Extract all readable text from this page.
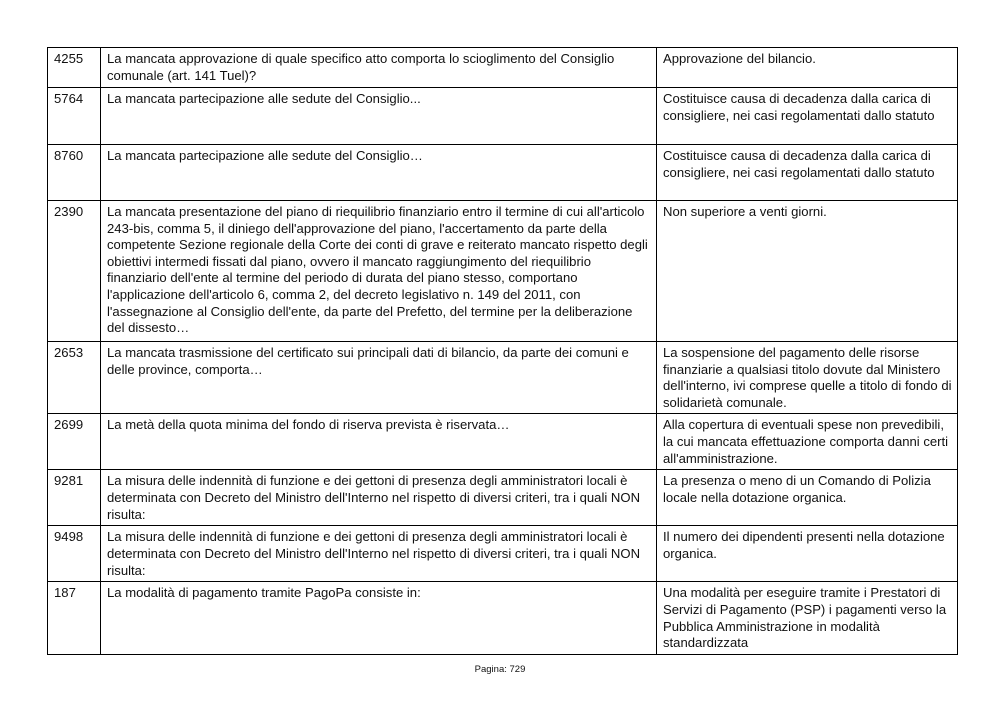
4255	La mancata approvazione di quale specifico atto comporta lo scioglimento del Consiglio comunale (art. 141 Tuel)?	Approvazione del bilancio.
5764	La mancata partecipazione alle sedute del Consiglio...	Costituisce causa di decadenza dalla carica di consigliere, nei casi regolamentati dallo statuto
8760	La mancata partecipazione alle sedute del Consiglio…	Costituisce causa di decadenza dalla carica di consigliere, nei casi regolamentati dallo statuto
2390	La mancata presentazione del piano di riequilibrio finanziario entro il termine di cui all'articolo 243-bis, comma 5, il diniego dell'approvazione del piano, l'accertamento da parte della competente Sezione regionale della Corte dei conti di grave e reiterato mancato rispetto degli obiettivi intermedi fissati dal piano, ovvero il mancato raggiungimento del riequilibrio finanziario dell'ente al termine del periodo di durata del piano stesso, comportano l'applicazione dell'articolo 6, comma 2, del decreto legislativo n. 149 del 2011, con l'assegnazione al Consiglio dell'ente, da parte del Prefetto, del termine per la deliberazione del dissesto…	Non superiore a venti giorni.
2653	La mancata trasmissione del certificato sui principali dati di bilancio, da parte dei comuni e delle province, comporta…	La sospensione del pagamento delle risorse finanziarie a qualsiasi titolo dovute dal Ministero dell'interno, ivi comprese quelle a titolo di fondo di solidarietà comunale.
2699	La metà della quota minima del fondo di riserva prevista è riservata…	Alla copertura di eventuali spese non prevedibili, la cui mancata effettuazione comporta danni certi all'amministrazione.
9281	La misura delle indennità di funzione e dei gettoni di presenza degli amministratori locali è determinata con Decreto del Ministro dell'Interno nel rispetto di diversi criteri, tra i quali NON risulta:	La presenza o meno di un Comando di Polizia locale nella dotazione organica.
9498	La misura delle indennità di funzione e dei gettoni di presenza degli amministratori locali è determinata con Decreto del Ministro dell'Interno nel rispetto di diversi criteri, tra i quali NON risulta:	Il numero dei dipendenti presenti nella dotazione organica.
187	La modalità di pagamento tramite PagoPa consiste in:	Una modalità per eseguire tramite i Prestatori di Servizi di Pagamento (PSP) i pagamenti verso la Pubblica Amministrazione in modalità standardizzata
Pagina: 729
